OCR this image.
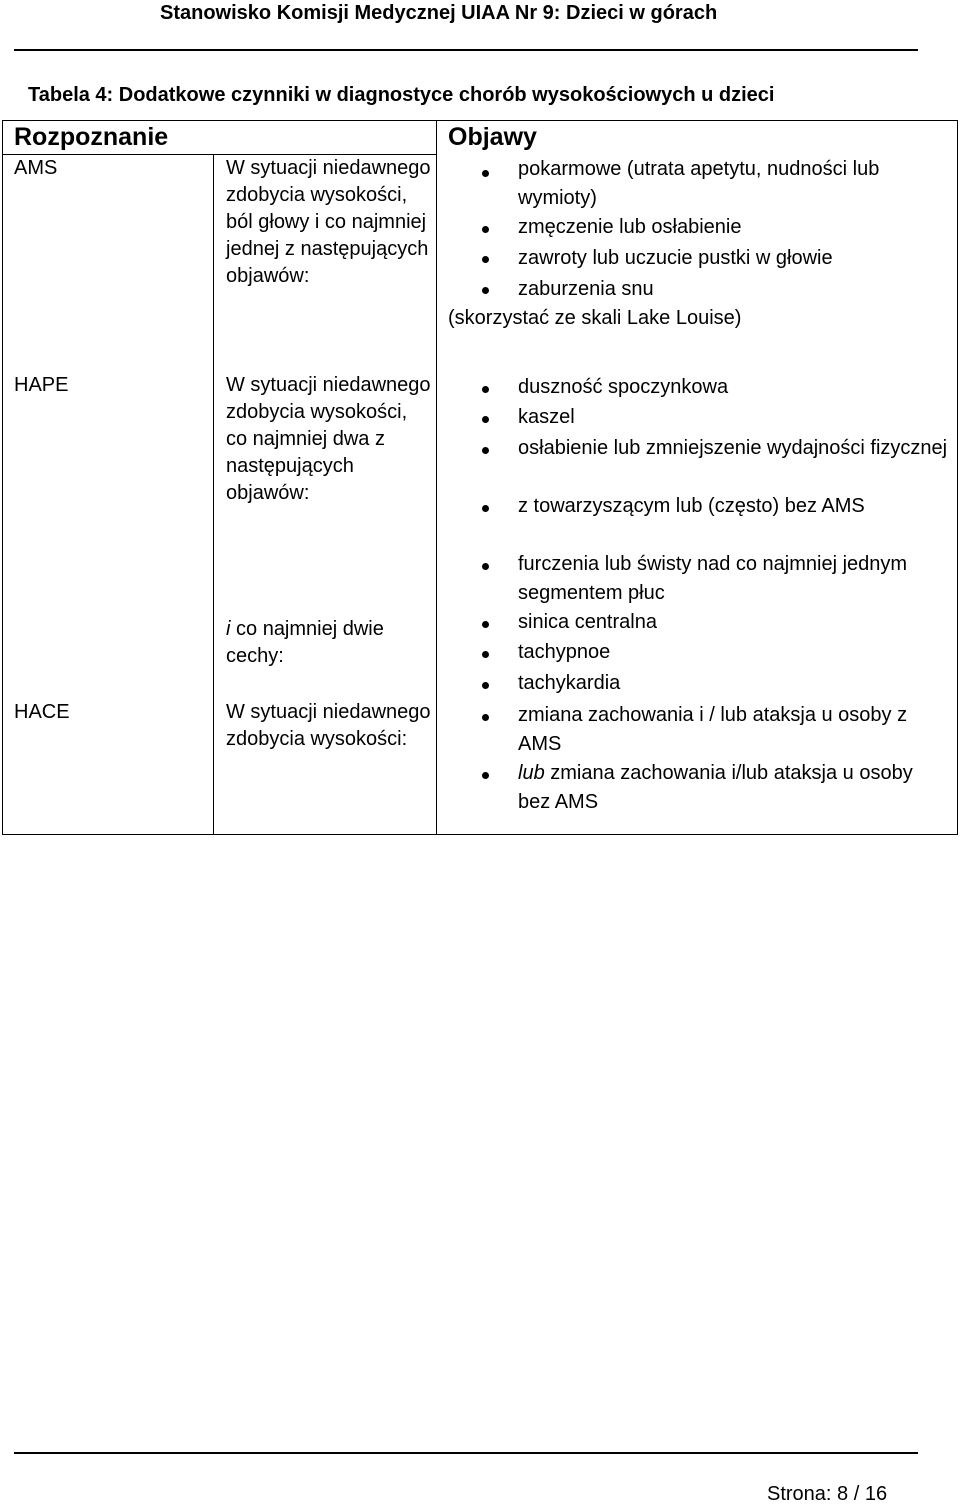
Stanowisko Komisji Medycznej UIAA Nr 9: Dzieci w górach
Tabela 4: Dodatkowe czynniki w diagnostyce chorób wysokościowych u dzieci
Rozpoznanie	Objawy
AMS	W sytuacji niedawnego zdobycia wysokości, ból głowy i co najmniej jednej z następujących objawów:
pokarmowe (utrata apetytu, nudności lub wymioty)
zmęczenie lub osłabienie
zawroty lub uczucie pustki w głowie
zaburzenia snu
(skorzystać ze skali Lake Louise)
HAPE	W sytuacji niedawnego zdobycia wysokości, co najmniej dwa z następujących objawów:
i co najmniej dwie cechy:
duszność spoczynkowa
kaszel
osłabienie lub zmniejszenie wydajności fizycznej
z towarzyszącym lub (często) bez AMS
furczenia lub świsty nad co najmniej jednym segmentem płuc
sinica centralna
tachypnoe
tachykardia
HACE	W sytuacji niedawnego zdobycia wysokości:
zmiana zachowania i / lub ataksja u osoby z AMS
lub zmiana zachowania i/lub ataksja u osoby bez AMS
Strona: 8 / 16
